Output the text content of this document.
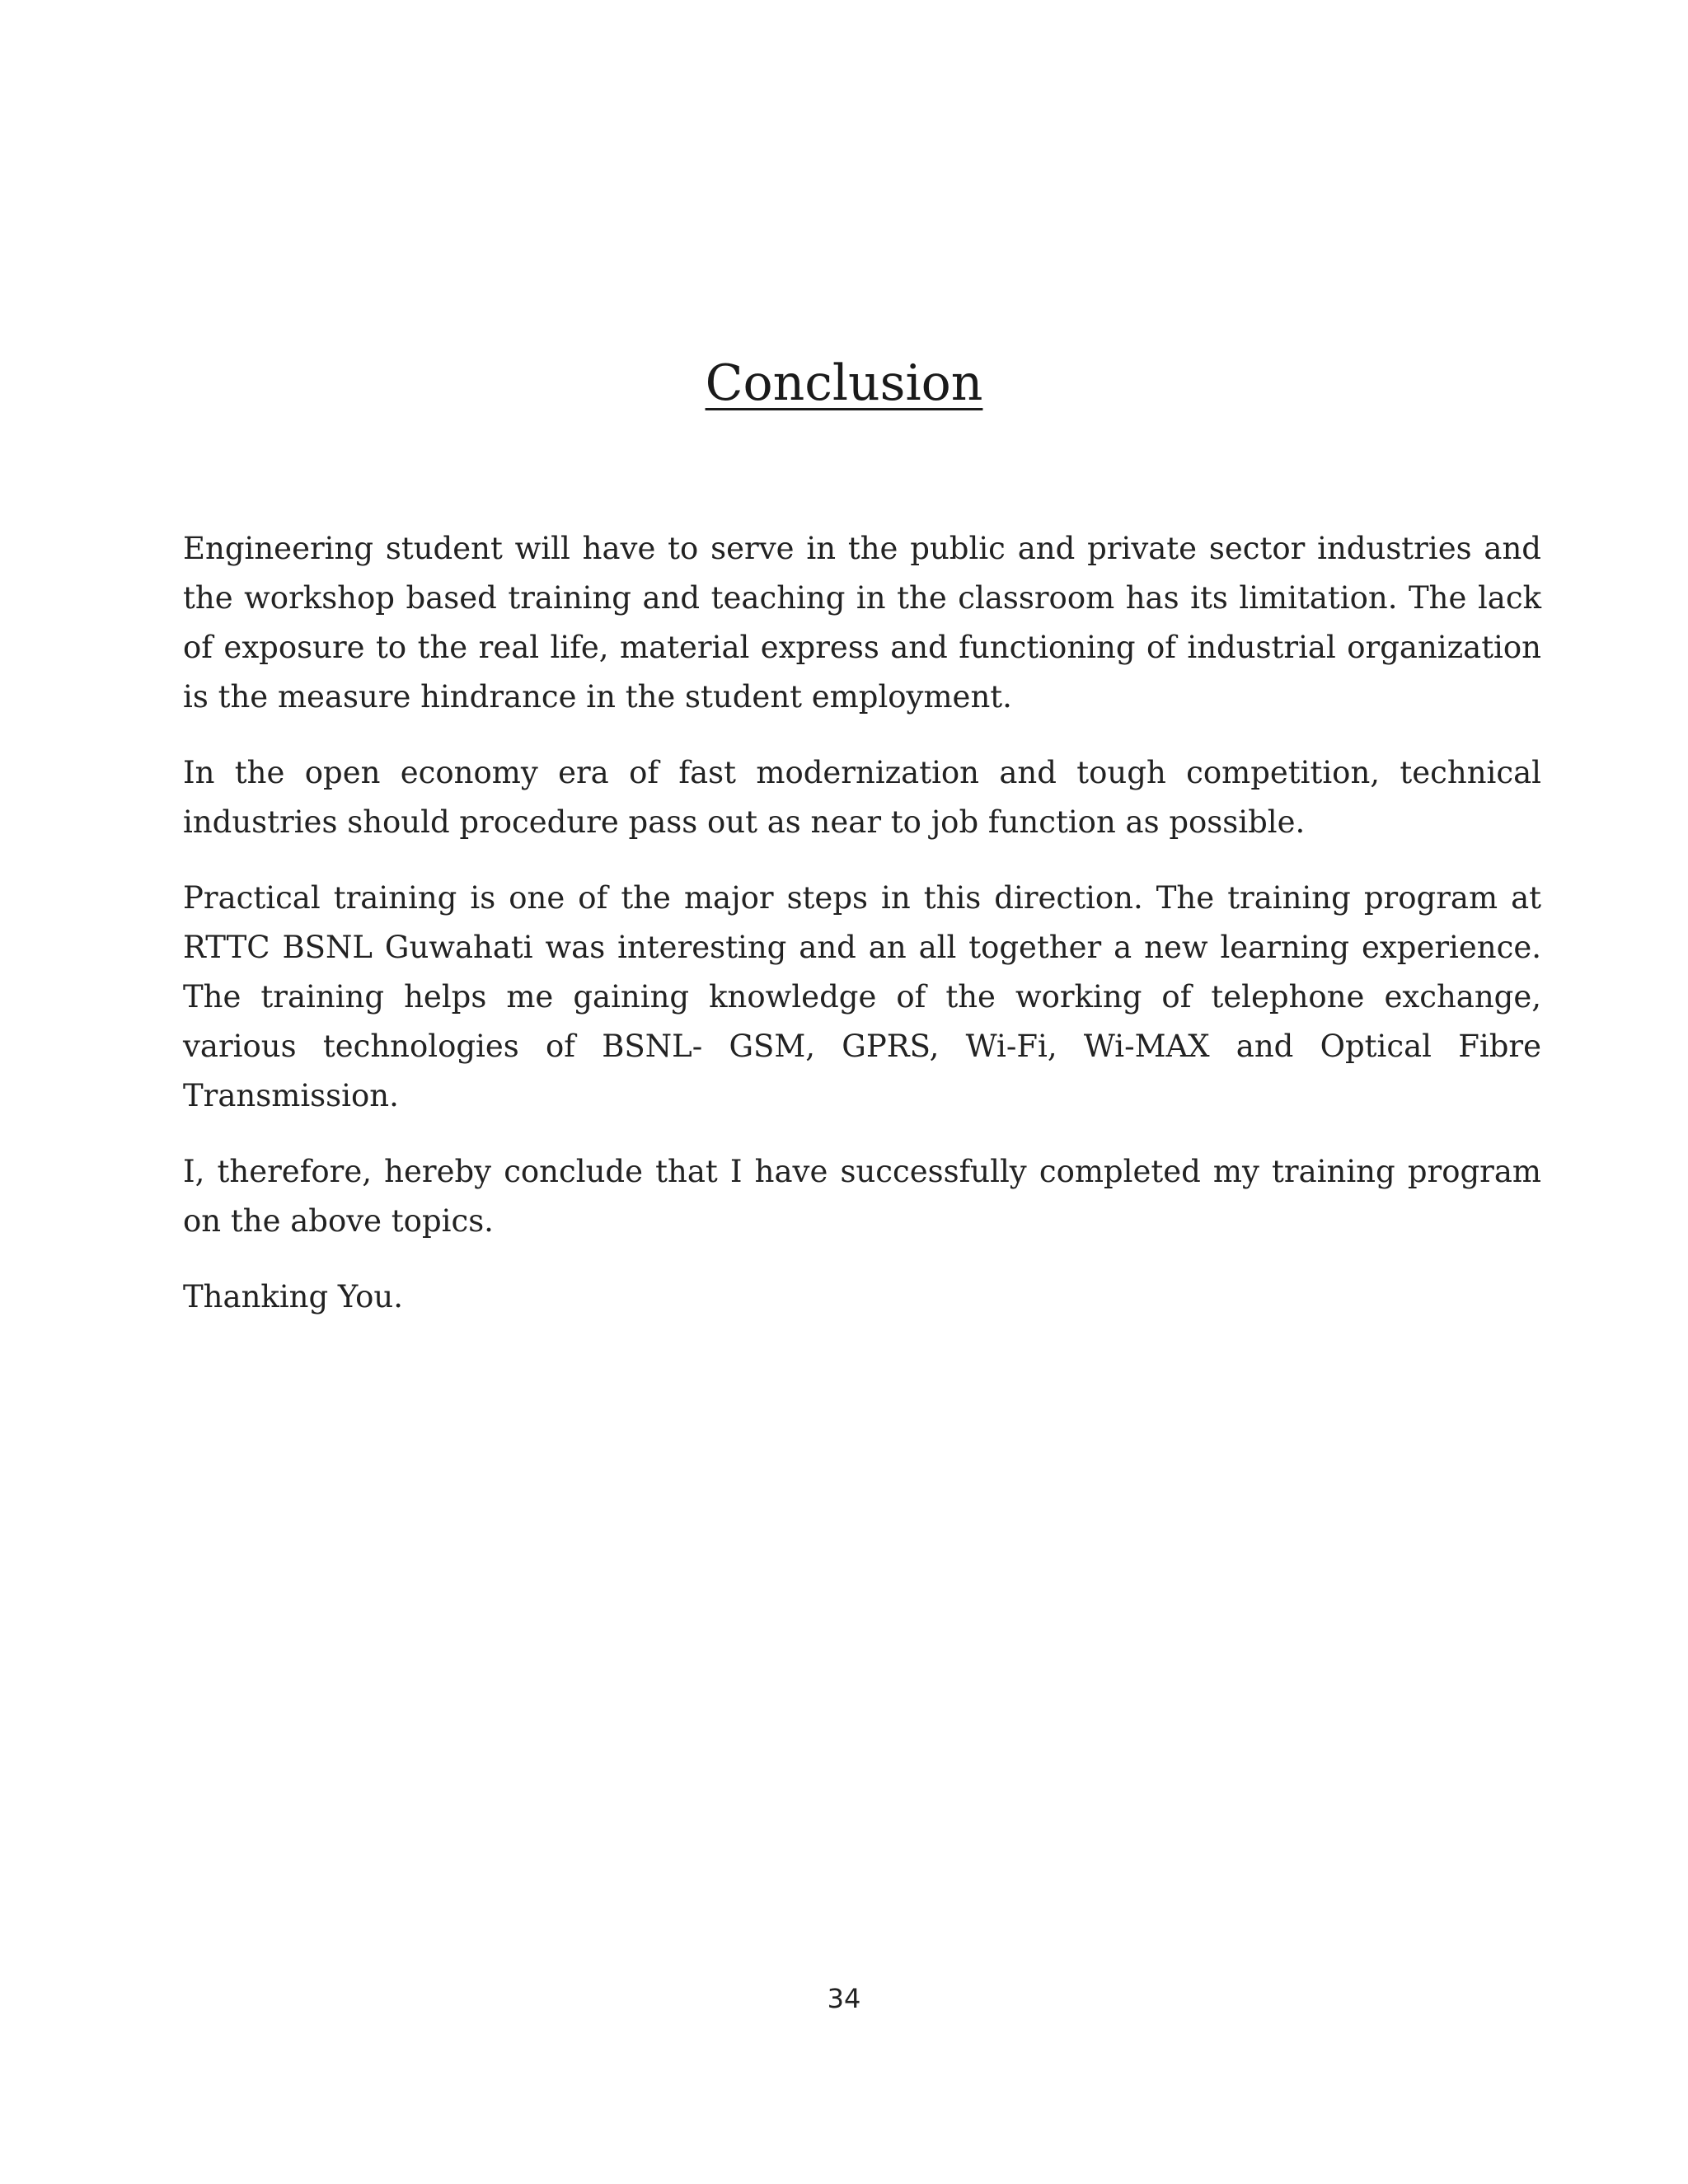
Conclusion

Engineering student will have to serve in the public and private sector industries and the workshop based training and teaching in the classroom has its limitation. The lack of exposure to the real life, material express and functioning of industrial organization is the measure hindrance in the student employment.

In the open economy era of fast modernization and tough competition, technical industries should procedure pass out as near to job function as possible.

Practical training is one of the major steps in this direction. The training program at RTTC BSNL Guwahati was interesting and an all together a new learning experience. The training helps me gaining knowledge of the working of telephone exchange, various technologies of BSNL- GSM, GPRS, Wi-Fi, Wi-MAX and Optical Fibre Transmission.

I, therefore, hereby conclude that I have successfully completed my training program on the above topics.

Thanking You.

34
